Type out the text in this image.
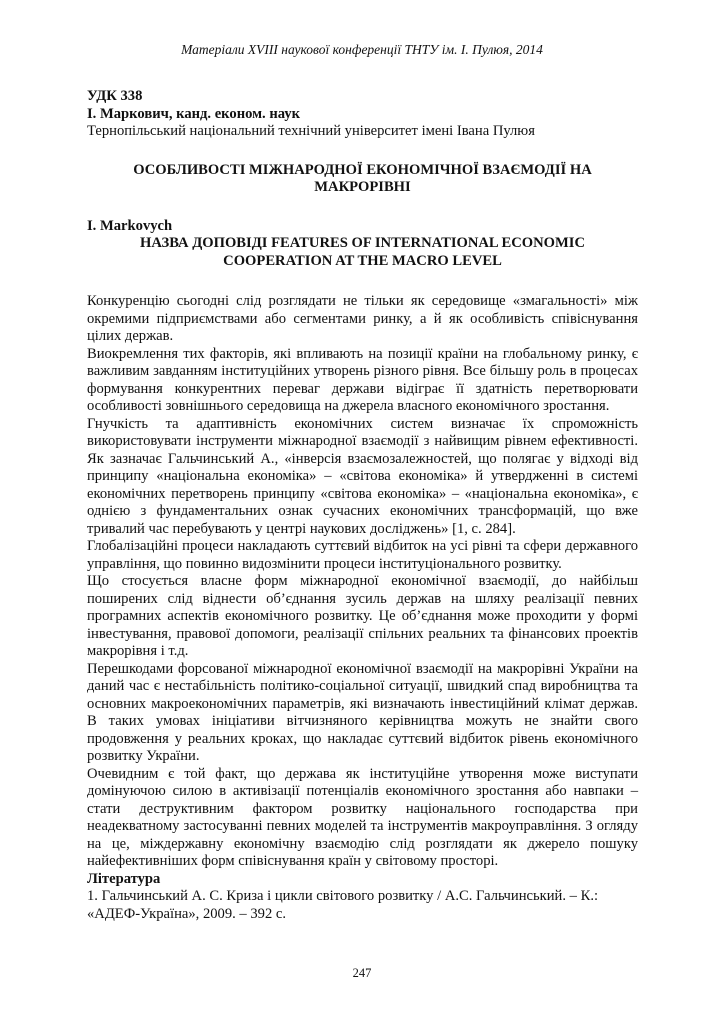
Матеріали XVIII наукової конференції ТНТУ ім. І. Пулюя, 2014

УДК 338

І. Маркович, канд. економ. наук

Тернопільський національний технічний університет імені Івана Пулюя

ОСОБЛИВОСТІ МІЖНАРОДНОЇ ЕКОНОМІЧНОЇ ВЗАЄМОДІЇ НА МАКРОРІВНІ

I. Markovych

НАЗВА ДОПОВІДІ FEATURES OF INTERNATIONAL ECONOMIC COOPERATION AT THE MACRO LEVEL

Конкуренцію сьогодні слід розглядати не тільки як середовище «змагальності» між окремими підприємствами або сегментами ринку, а й як особливість співіснування цілих держав.

Виокремлення тих факторів, які впливають на позиції країни на глобальному ринку, є важливим завданням інституційних утворень різного рівня. Все більшу роль в процесах формування конкурентних переваг держави відіграє її здатність перетворювати особливості зовнішнього середовища на джерела власного економічного зростання.

Гнучкість та адаптивність економічних систем визначає їх спроможність використовувати інструменти міжнародної взаємодії з найвищим рівнем ефективності. Як зазначає Гальчинський А., «інверсія взаємозалежностей, що полягає у відході від принципу «національна економіка» – «світова економіка» й утвердженні в системі економічних перетворень принципу «світова економіка» – «національна економіка», є однією з фундаментальних ознак сучасних економічних трансформацій, що вже тривалий час перебувають у центрі наукових досліджень» [1, с. 284].

Глобалізаційні процеси накладають суттєвий відбиток на усі рівні та сфери державного управління, що повинно видозмінити процеси інституціонального розвитку.

Що стосується власне форм міжнародної економічної взаємодії, до найбільш поширених слід віднести об’єднання зусиль держав на шляху реалізації певних програмних аспектів економічного розвитку. Це об’єднання може проходити у формі інвестування, правової допомоги, реалізації спільних реальних та фінансових проектів макрорівня і т.д.

Перешкодами форсованої міжнародної економічної взаємодії на макрорівні України на даний час є нестабільність політико-соціальної ситуації, швидкий спад виробництва та основних макроекономічних параметрів, які визначають інвестиційний клімат держав. В таких умовах ініціативи вітчизняного керівництва можуть не знайти свого продовження у реальних кроках, що накладає суттєвий відбиток рівень економічного розвитку України.

Очевидним є той факт, що держава як інституційне утворення може виступати домінуючою силою в активізації потенціалів економічного зростання або навпаки – стати деструктивним фактором розвитку національного господарства при неадекватному застосуванні певних моделей та інструментів макроуправління. З огляду на це, міждержавну економічну взаємодію слід розглядати як джерело пошуку найефективніших форм співіснування країн у світовому просторі.

Література

1. Гальчинський А. С. Криза і цикли світового розвитку / А.С. Гальчинський. – К.: «АДЕФ-Україна», 2009. – 392 с.

247
